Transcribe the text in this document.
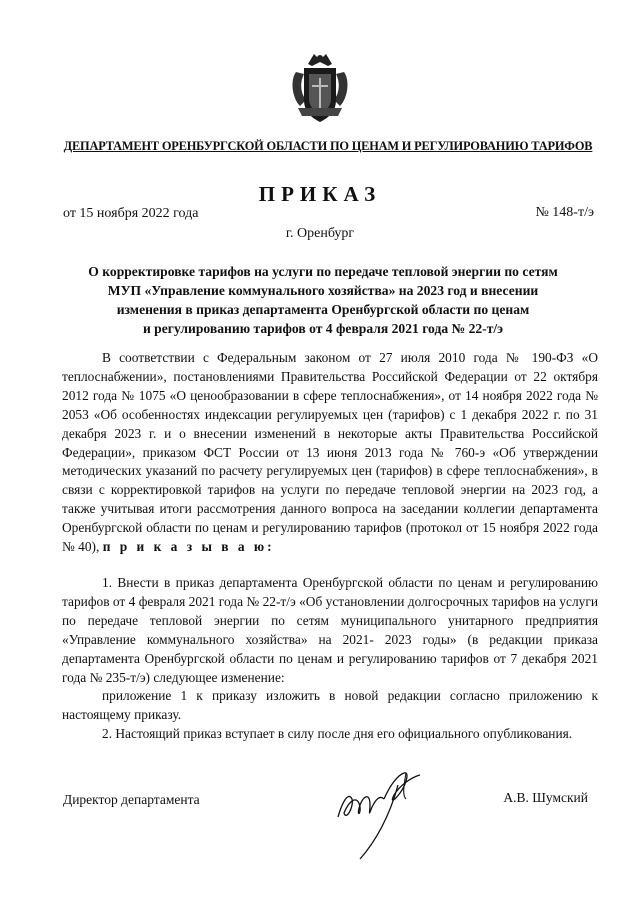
ДЕПАРТАМЕНТ ОРЕНБУРГСКОЙ ОБЛАСТИ ПО ЦЕНАМ И РЕГУЛИРОВАНИЮ ТАРИФОВ
ПРИКАЗ
от 15 ноября 2022 года	№ 148-т/э
г. Оренбург
О корректировке тарифов на услуги по передаче тепловой энергии по сетям
МУП «Управление коммунального хозяйства» на 2023 год и внесении
изменения в приказ департамента Оренбургской области по ценам
и регулированию тарифов от 4 февраля 2021 года № 22-т/э
В соответствии с Федеральным законом от 27 июля 2010 года № 190-ФЗ «О теплоснабжении», постановлениями Правительства Российской Федерации от 22 октября 2012 года № 1075 «О ценообразовании в сфере теплоснабжения», от 14 ноября 2022 года № 2053 «Об особенностях индексации регулируемых цен (тарифов) с 1 декабря 2022 г. по 31 декабря 2023 г. и о внесении изменений в некоторые акты Правительства Российской Федерации», приказом ФСТ России от 13 июня 2013 года № 760-э «Об утверждении методических указаний по расчету регулируемых цен (тарифов) в сфере теплоснабжения», в связи с корректировкой тарифов на услуги по передаче тепловой энергии на 2023 год, а также учитывая итоги рассмотрения данного вопроса на заседании коллегии департамента Оренбургской области по ценам и регулированию тарифов (протокол от 15 ноября 2022 года № 40), п р и к а з ы в а ю:
1. Внести в приказ департамента Оренбургской области по ценам и регулированию тарифов от 4 февраля 2021 года № 22-т/э «Об установлении долгосрочных тарифов на услуги по передаче тепловой энергии по сетям муниципального унитарного предприятия «Управление коммунального хозяйства» на 2021- 2023 годы» (в редакции приказа департамента Оренбургской области по ценам и регулированию тарифов от 7 декабря 2021 года № 235-т/э) следующее изменение:
приложение 1 к приказу изложить в новой редакции согласно приложению к настоящему приказу.
2. Настоящий приказ вступает в силу после дня его официального опубликования.
Директор департамента	А.В. Шумский
